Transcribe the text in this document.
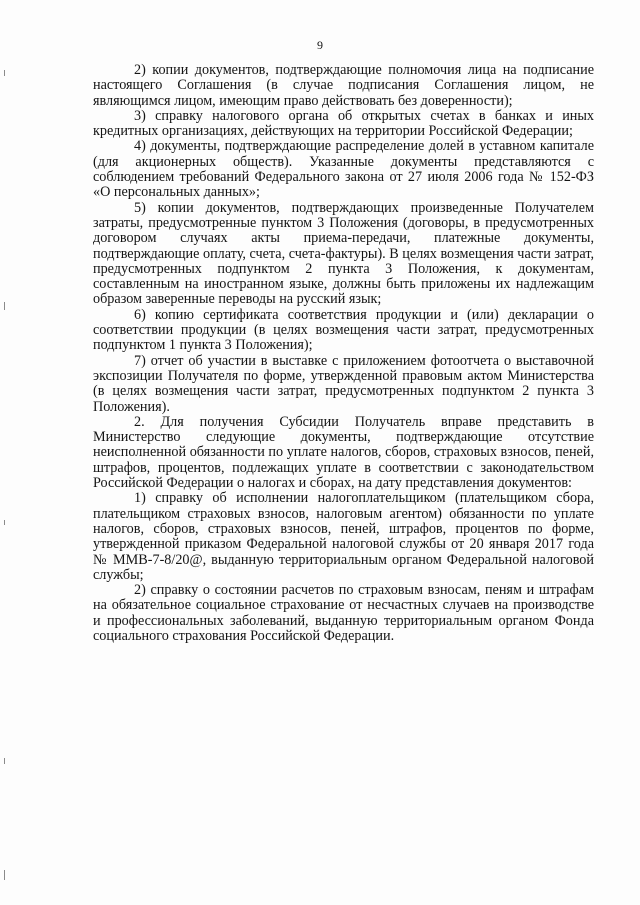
9

2) копии документов, подтверждающие полномочия лица на подписание настоящего Соглашения (в случае подписания Соглашения лицом, не являющимся лицом, имеющим право действовать без доверенности);

3) справку налогового органа об открытых счетах в банках и иных кредитных организациях, действующих на территории Российской Федерации;

4) документы, подтверждающие распределение долей в уставном капитале (для акционерных обществ). Указанные документы представляются с соблюдением требований Федерального закона от 27 июля 2006 года № 152-ФЗ «О персональных данных»;

5) копии документов, подтверждающих произведенные Получателем затраты, предусмотренные пунктом 3 Положения (договоры, в предусмотренных договором случаях акты приема-передачи, платежные документы, подтверждающие оплату, счета, счета-фактуры). В целях возмещения части затрат, предусмотренных подпунктом 2 пункта 3 Положения, к документам, составленным на иностранном языке, должны быть приложены их надлежащим образом заверенные переводы на русский язык;

6) копию сертификата соответствия продукции и (или) декларации о соответствии продукции (в целях возмещения части затрат, предусмотренных подпунктом 1 пункта 3 Положения);

7) отчет об участии в выставке с приложением фотоотчета о выставочной экспозиции Получателя по форме, утвержденной правовым актом Министерства (в целях возмещения части затрат, предусмотренных подпунктом 2 пункта 3 Положения).

2. Для получения Субсидии Получатель вправе представить в Министерство следующие документы, подтверждающие отсутствие неисполненной обязанности по уплате налогов, сборов, страховых взносов, пеней, штрафов, процентов, подлежащих уплате в соответствии с законодательством Российской Федерации о налогах и сборах, на дату представления документов:

1) справку об исполнении налогоплательщиком (плательщиком сбора, плательщиком страховых взносов, налоговым агентом) обязанности по уплате налогов, сборов, страховых взносов, пеней, штрафов, процентов по форме, утвержденной приказом Федеральной налоговой службы от 20 января 2017 года № ММВ-7-8/20@, выданную территориальным органом Федеральной налоговой службы;

2) справку о состоянии расчетов по страховым взносам, пеням и штрафам на обязательное социальное страхование от несчастных случаев на производстве и профессиональных заболеваний, выданную территориальным органом Фонда социального страхования Российской Федерации.
